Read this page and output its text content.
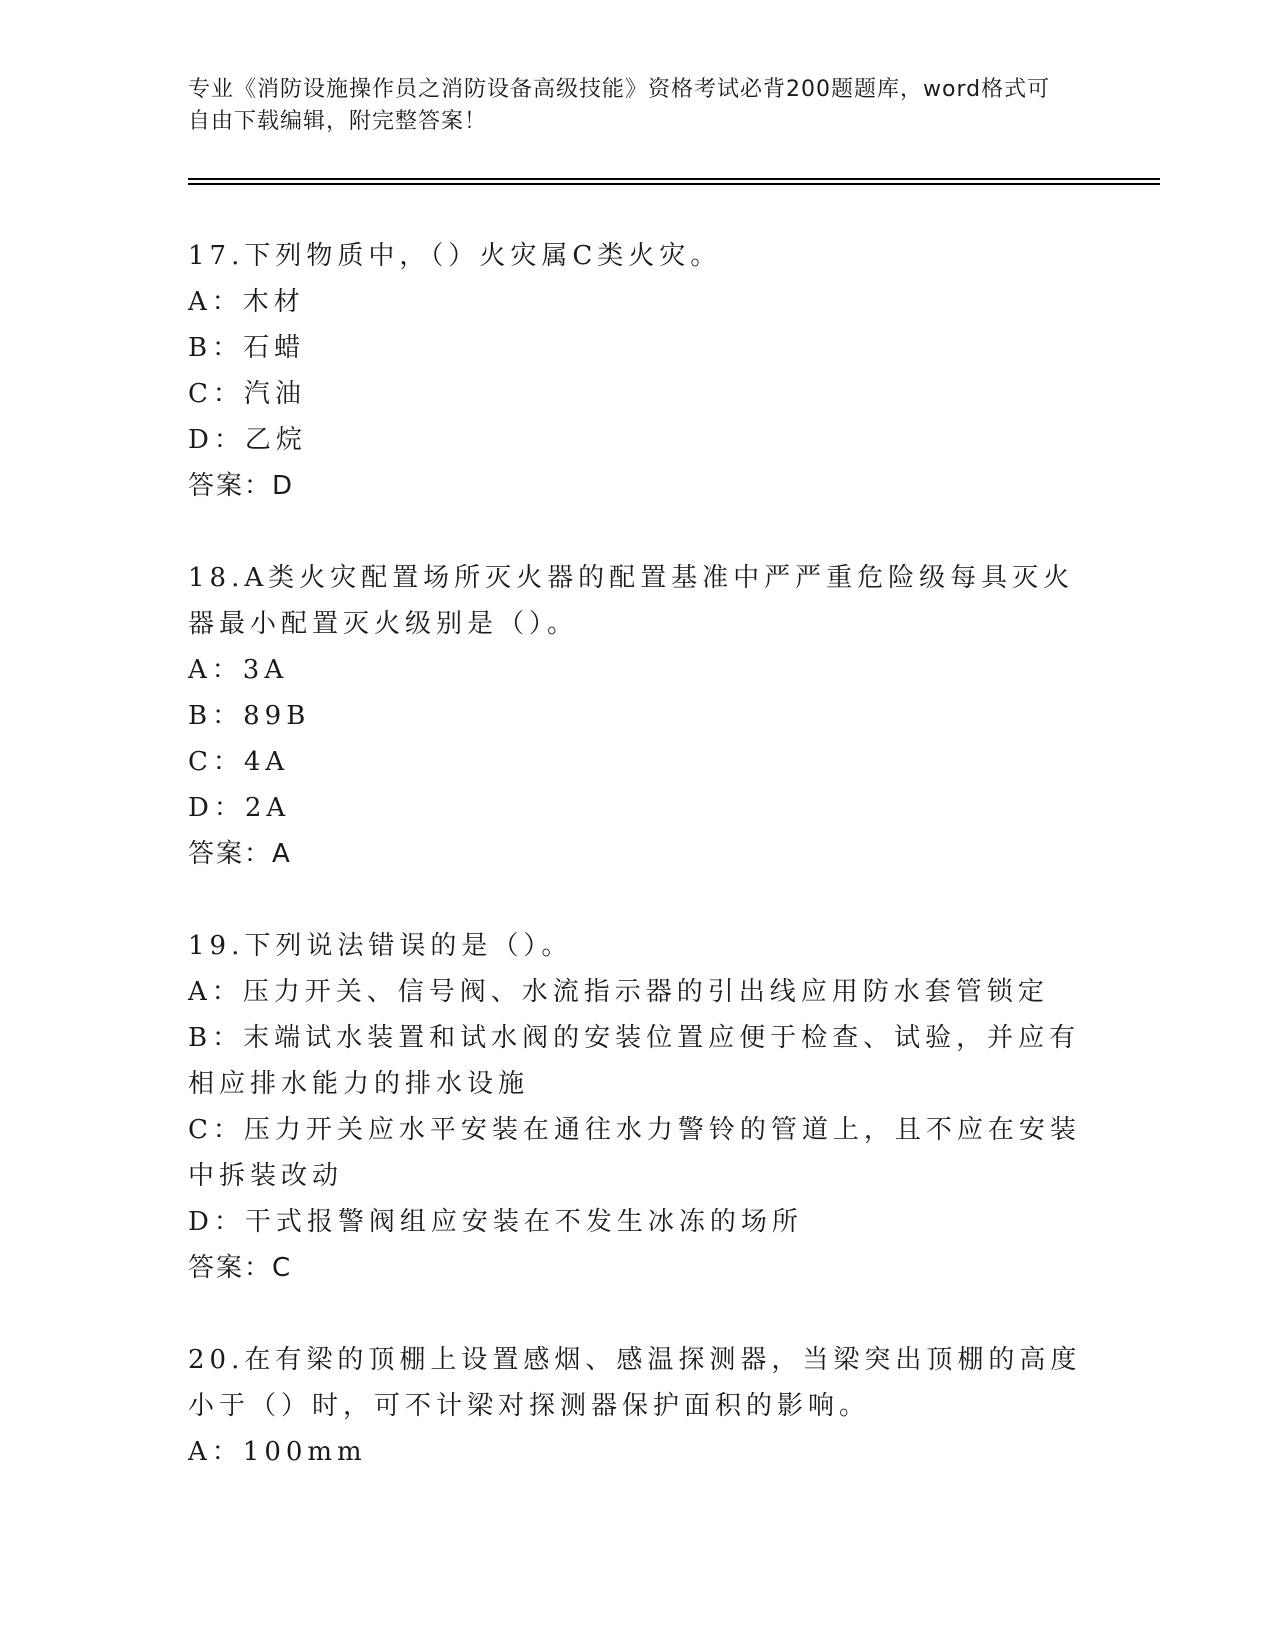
专业《消防设施操作员之消防设备高级技能》资格考试必背200题题库，word格式可自由下载编辑，附完整答案！
17.下列物质中，（）火灾属C类火灾。
A：木材
B：石蜡
C：汽油
D：乙烷
答案：D
18.A类火灾配置场所灭火器的配置基准中严严重危险级每具灭火器最小配置灭火级别是（）。
A：3A
B：89B
C：4A
D：2A
答案：A
19.下列说法错误的是（）。
A：压力开关、信号阀、水流指示器的引出线应用防水套管锁定
B：末端试水装置和试水阀的安装位置应便于检查、试验，并应有相应排水能力的排水设施
C：压力开关应水平安装在通往水力警铃的管道上，且不应在安装中拆装改动
D：干式报警阀组应安装在不发生冰冻的场所
答案：C
20.在有梁的顶棚上设置感烟、感温探测器，当梁突出顶棚的高度小于（）时，可不计梁对探测器保护面积的影响。
A：100mm
